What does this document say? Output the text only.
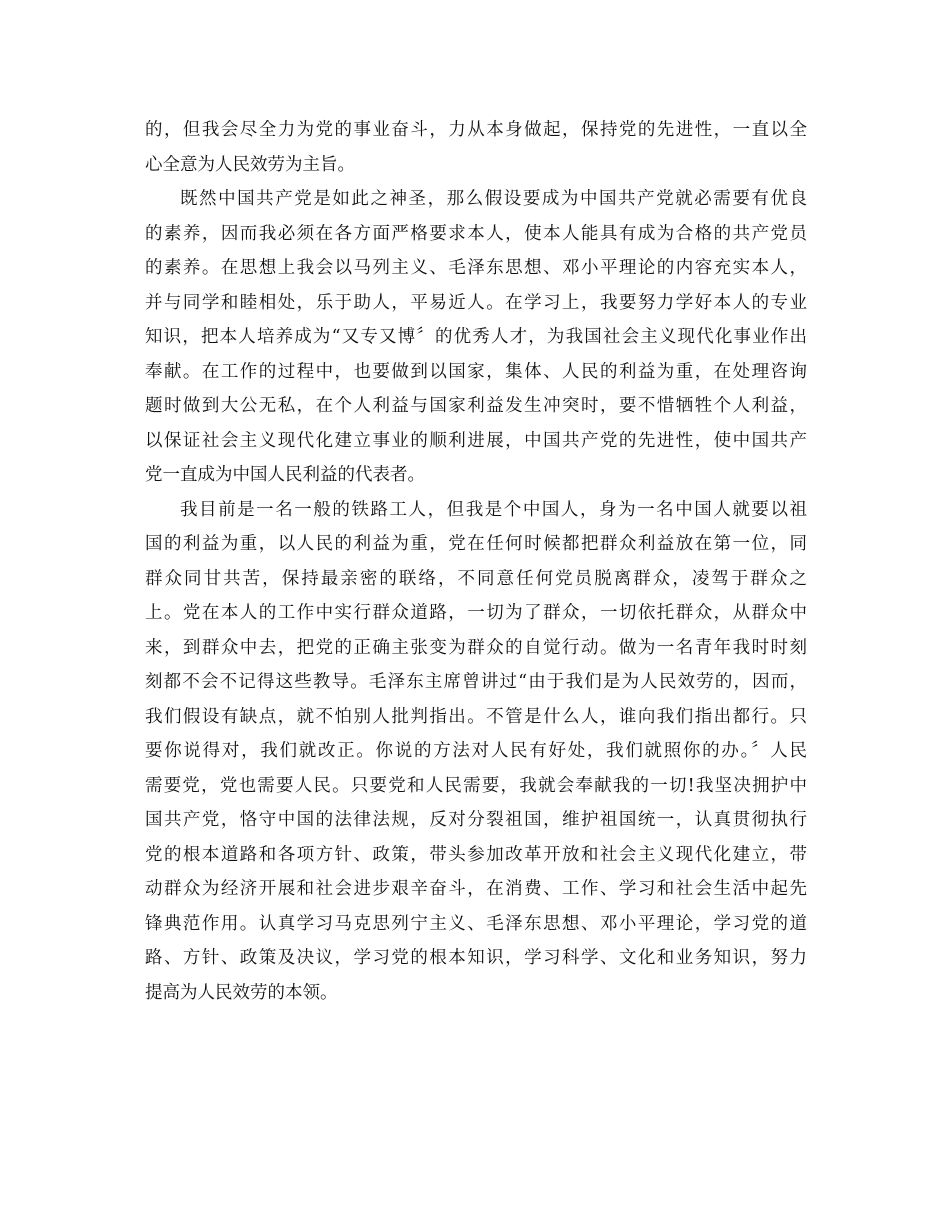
的，但我会尽全力为党的事业奋斗，力从本身做起，保持党的先进性，一直以全
心全意为人民效劳为主旨。
既然中国共产党是如此之神圣，那么假设要成为中国共产党就必需要有优良
的素养，因而我必须在各方面严格要求本人，使本人能具有成为合格的共产党员
的素养。在思想上我会以马列主义、毛泽东思想、邓小平理论的内容充实本人，
并与同学和睦相处，乐于助人，平易近人。在学习上，我要努力学好本人的专业
知识，把本人培养成为“又专又博〞的优秀人才，为我国社会主义现代化事业作出
奉献。在工作的过程中，也要做到以国家，集体、人民的利益为重，在处理咨询
题时做到大公无私，在个人利益与国家利益发生冲突时，要不惜牺牲个人利益，
以保证社会主义现代化建立事业的顺利进展，中国共产党的先进性，使中国共产
党一直成为中国人民利益的代表者。
我目前是一名一般的铁路工人，但我是个中国人，身为一名中国人就要以祖
国的利益为重，以人民的利益为重，党在任何时候都把群众利益放在第一位，同
群众同甘共苦，保持最亲密的联络，不同意任何党员脱离群众，凌驾于群众之
上。党在本人的工作中实行群众道路，一切为了群众，一切依托群众，从群众中
来，到群众中去，把党的正确主张变为群众的自觉行动。做为一名青年我时时刻
刻都不会不记得这些教导。毛泽东主席曾讲过“由于我们是为人民效劳的，因而，
我们假设有缺点，就不怕别人批判指出。不管是什么人，谁向我们指出都行。只
要你说得对，我们就改正。你说的方法对人民有好处，我们就照你的办。〞人民
需要党，党也需要人民。只要党和人民需要，我就会奉献我的一切!我坚决拥护中
国共产党，恪守中国的法律法规，反对分裂祖国，维护祖国统一，认真贯彻执行
党的根本道路和各项方针、政策，带头参加改革开放和社会主义现代化建立，带
动群众为经济开展和社会进步艰辛奋斗，在消费、工作、学习和社会生活中起先
锋典范作用。认真学习马克思列宁主义、毛泽东思想、邓小平理论，学习党的道
路、方针、政策及决议，学习党的根本知识，学习科学、文化和业务知识，努力
提高为人民效劳的本领。
